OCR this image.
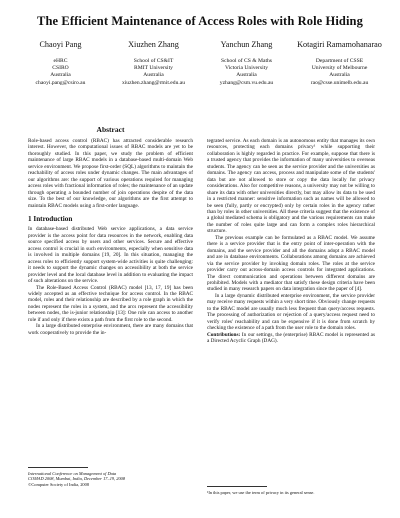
The Efficient Maintenance of Access Roles with Role Hiding
Chaoyi Pang
eHRC
CSIRO
Australia
chaoyi.pang@csiro.au
Xiuzhen Zhang
School of CS&IT
RMIT University
Australia
xiuzhen.zhang@rmit.edu.au
Yanchun Zhang
School of CS & Maths
Victoria University
Australia
yzhang@csm.vu.edu.au
Kotagiri Ramamohanarao
Department of CSSE
University of Melbourne
Australia
rao@csse.unimelb.edu.au
Abstract

Role-based access control (RBAC) has attracted considerable research interest. However, the computational issues of RBAC models are yet to be thoroughly studied. In this paper, we study the problem of efficient maintenance of large RBAC models in a database-based multi-domain Web service environment. We propose first-order (SQL) algorithms to maintain the reachability of access roles under dynamic changes. The main advantages of our algorithms are: the support of various operations required for managing access roles with fractional information of roles; the maintenance of an update through operating a bounded number of join operations despite of the data size. To the best of our knowledge, our algorithms are the first attempt to maintain RBAC models using a first-order language.

1 Introduction

In database-based distributed Web service applications, a data service provider is the access point for data resources in the network, enabling data source specified access by users and other services. Secure and effective access control is crucial in such environments, especially when sensitive data is involved in multiple domains [19, 20]. In this situation, managing the access roles to efficiently support system-wide activities is quite challenging: it needs to support the dynamic changes on accessibility at both the service provider level and the local database level in addition to evaluating the impact of such alterations on the service.

The Role-Based Access Control (RBAC) model [13, 17, 19] has been widely accepted as an effective technique for access control. In the RBAC model, roles and their relationship are described by a role graph in which the nodes represent the roles in a system, and the arcs represent the accessibility between nodes, the is-junior relationship [13]: One role can access to another role if and only if there exists a path from the first role to the second.

In a large distributed enterprise environment, there are many domains that work cooperatively to provide the in-

International Conference on Management of Data
COMAD 2008, Mumbai, India, December 17–19, 2008
©Computer Society of India, 2008

tegrated service. As each domain is an autonomous entity that manages its own resources, protecting each domains privacy¹ while supporting their collaboration is highly regarded in practice. For example, suppose that there is a trusted agency that provides the information of many universities to overseas students. The agency can be seen as the service provider and the universities as domains. The agency can access, process and manipulate some of the students' data but are not allowed to store or copy the data locally for privacy considerations. Also for competitive reasons, a university may not be willing to share its data with other universities directly, but may allow its data to be used in a restricted manner: sensitive information such as names will be allowed to be seen (fully, partly or encrypted) only by certain roles in the agency rather than by roles in other universities. All these criteria suggest that the existence of a global mediated schema is obligatory and the various requirements can make the number of roles quite large and can form a complex roles hierarchical structure.

The previous example can be formulated as a RBAC model. We assume there is a service provider that is the entry point of inter-operation with the domains, and the service provider and all the domains adopt a RBAC model and are in database environments. Collaborations among domains are achieved via the service provider by invoking domain roles. The roles at the service provider carry out across-domain access controls for integrated applications. The direct communication and operations between different domains are prohibited. Models with a mediator that satisfy these design criteria have been studied in many research papers on data integration since the paper of [4].

In a large dynamic distributed enterprise environment, the service provider may receive many requests within a very short time. Obviously change requests to the RBAC model are usually much less frequent than query/access requests. The processing of authorization or rejection of a query/access request need to verify roles' reachability and can be expensive if it is done from scratch by checking the existence of a path from the user role to the domain roles.

Contributions: In our settings, the (enterprise) RBAC model is represented as a Directed Acyclic Graph (DAG).

¹In this paper, we use the term of privacy in its general sense.
